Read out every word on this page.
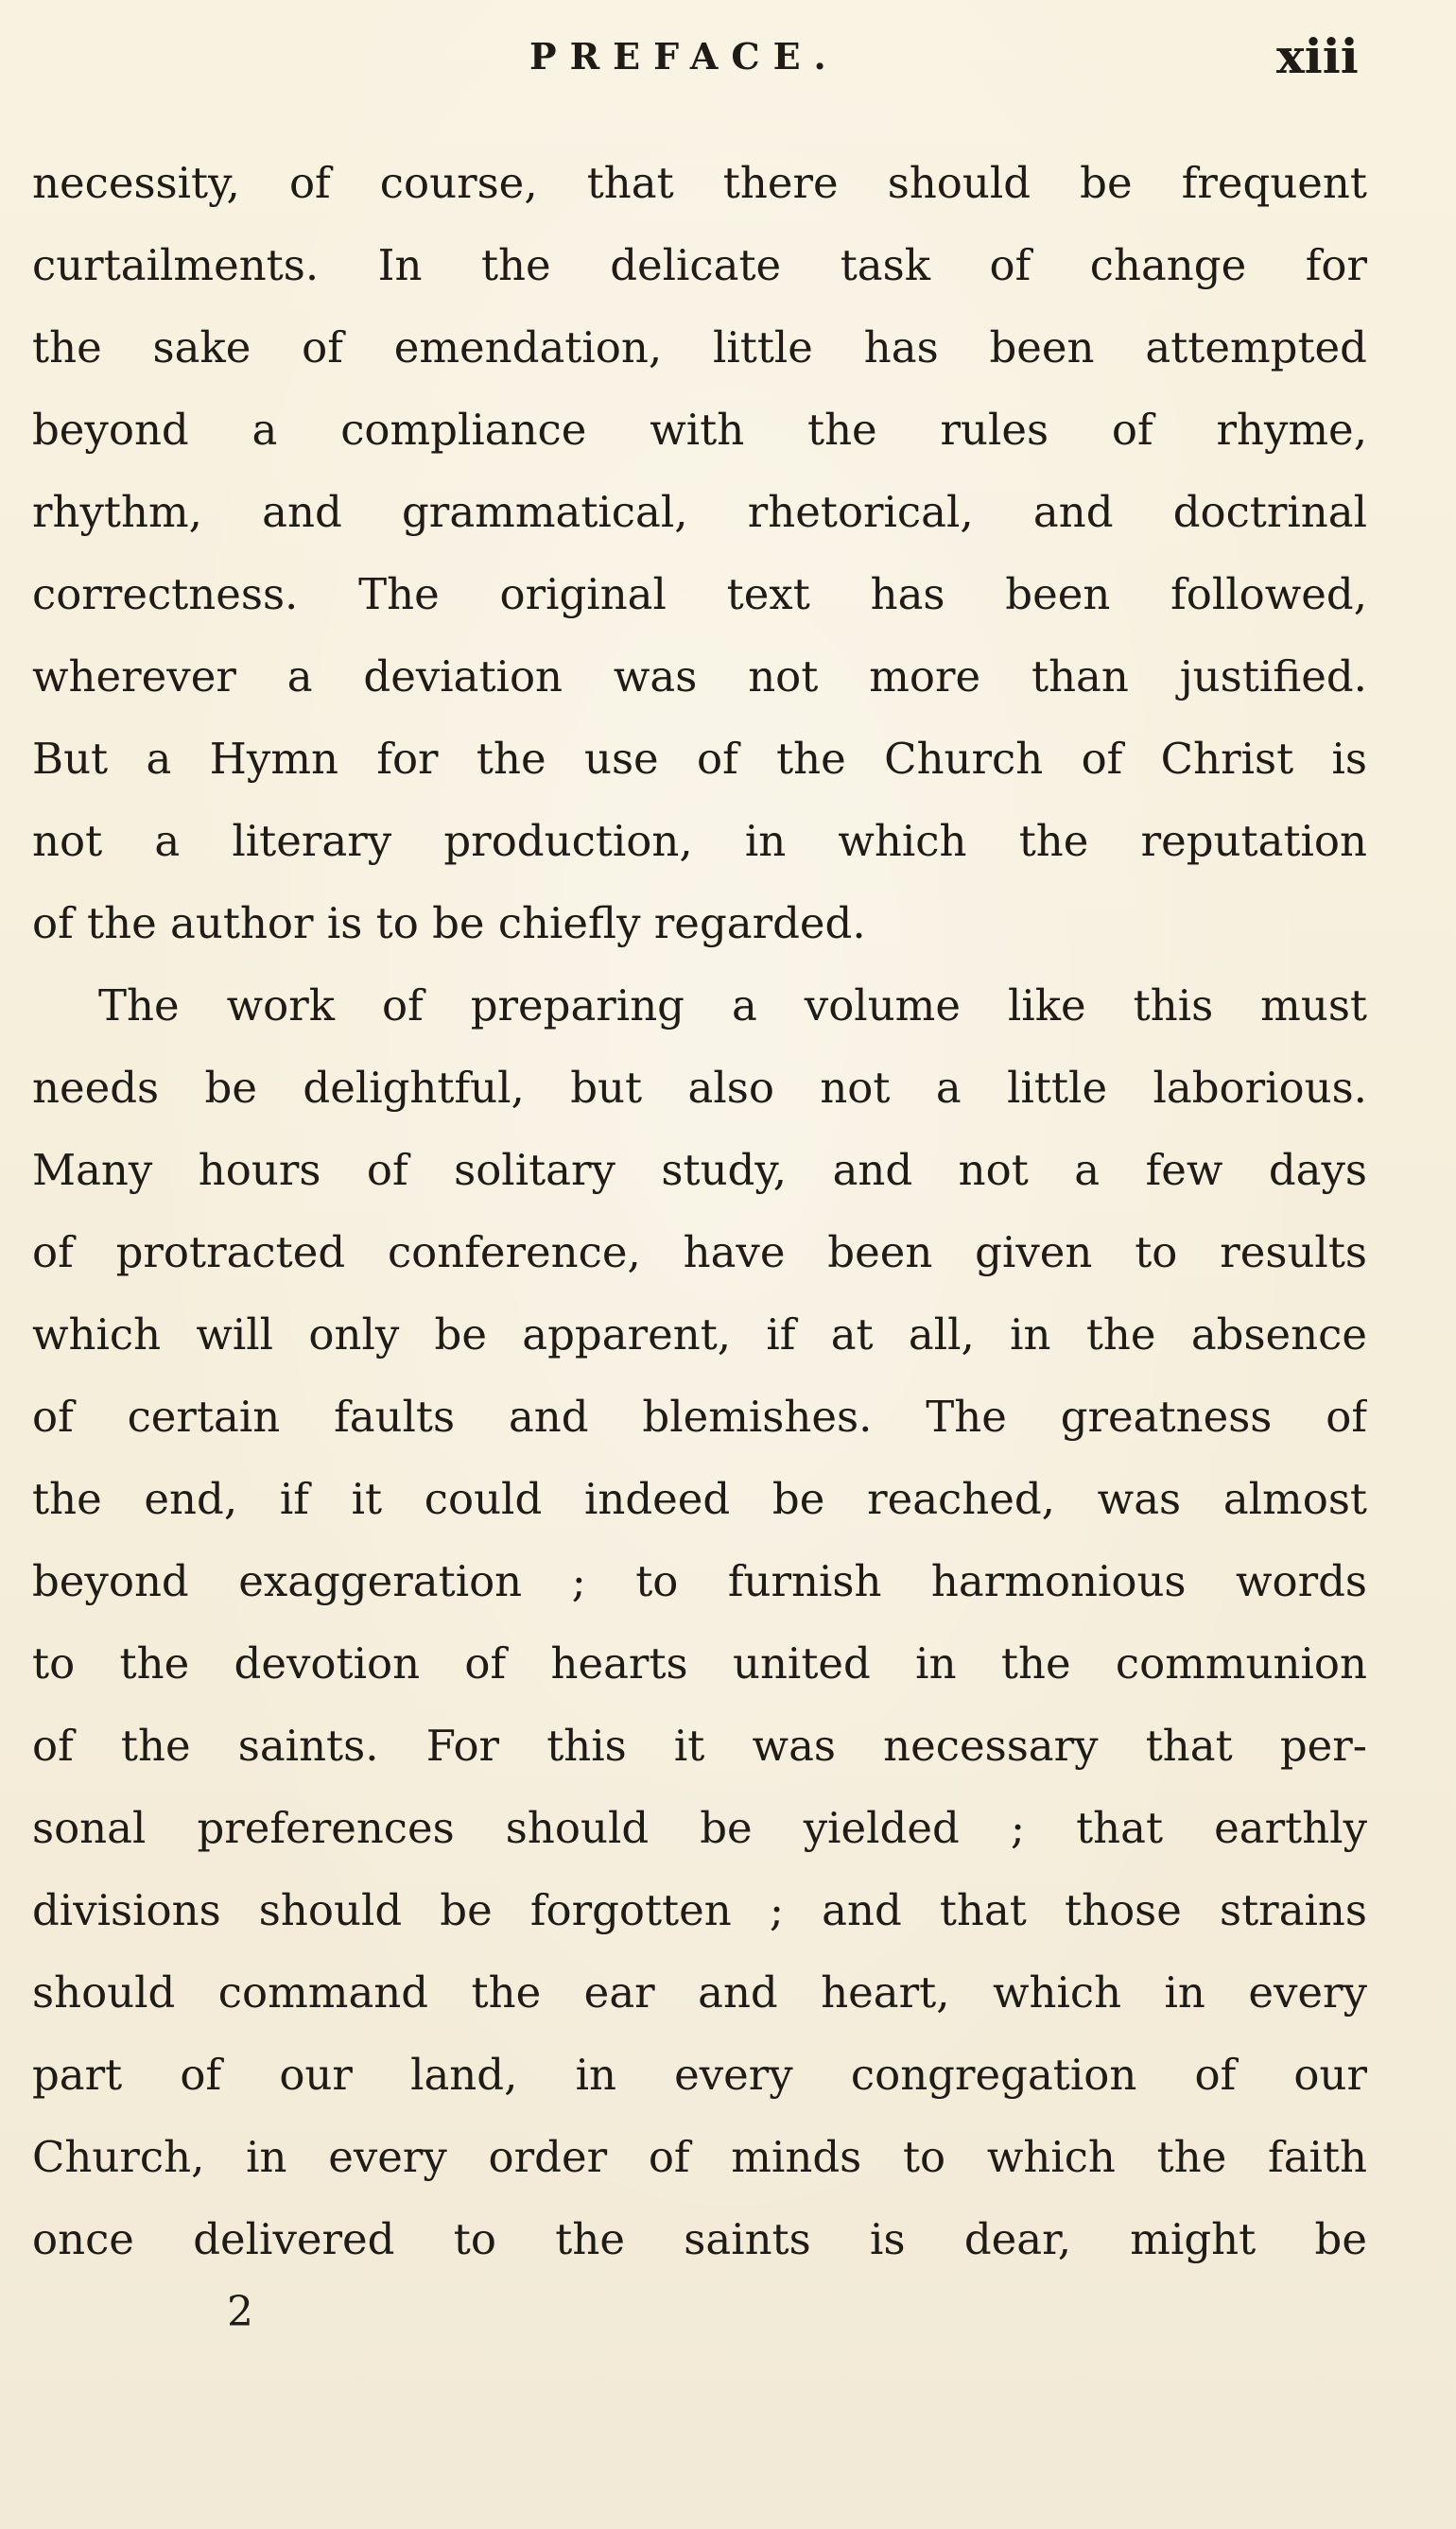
PREFACE.	xiii
necessity, of course, that there should be frequent
curtailments. In the delicate task of change for
the sake of emendation, little has been attempted
beyond a compliance with the rules of rhyme,
rhythm, and grammatical, rhetorical, and doctrinal
correctness. The original text has been followed,
wherever a deviation was not more than justified.
But a Hymn for the use of the Church of Christ is
not a literary production, in which the reputation
of the author is to be chiefly regarded.
The work of preparing a volume like this must
needs be delightful, but also not a little laborious.
Many hours of solitary study, and not a few days
of protracted conference, have been given to results
which will only be apparent, if at all, in the absence
of certain faults and blemishes. The greatness of
the end, if it could indeed be reached, was almost
beyond exaggeration ; to furnish harmonious words
to the devotion of hearts united in the communion
of the saints. For this it was necessary that per-
sonal preferences should be yielded ; that earthly
divisions should be forgotten ; and that those strains
should command the ear and heart, which in every
part of our land, in every congregation of our
Church, in every order of minds to which the faith
once delivered to the saints is dear, might be
2
